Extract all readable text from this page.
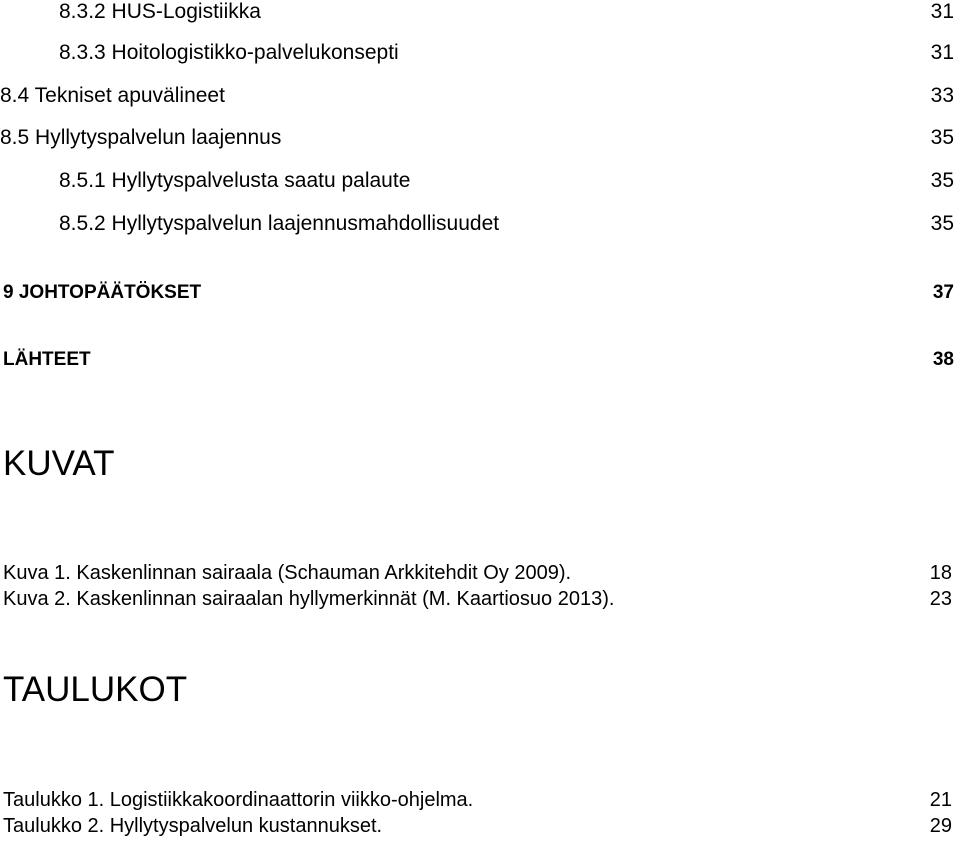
8.3.2 HUS-Logistiikka	31
8.3.3 Hoitologistikko-palvelukonsepti	31
8.4 Tekniset apuvälineet	33
8.5 Hyllytyspalvelun laajennus	35
8.5.1 Hyllytyspalvelusta saatu palaute	35
8.5.2 Hyllytyspalvelun laajennusmahdollisuudet	35
9 JOHTOPÄÄTÖKSET	37
LÄHTEET	38
KUVAT
Kuva 1. Kaskenlinnan sairaala (Schauman Arkkitehdit Oy 2009).	18
Kuva 2. Kaskenlinnan sairaalan hyllymerkinnät (M. Kaartiosuo 2013).	23
TAULUKOT
Taulukko 1. Logistiikkakoordinaattorin viikko-ohjelma.	21
Taulukko 2. Hyllytyspalvelun kustannukset.	29
